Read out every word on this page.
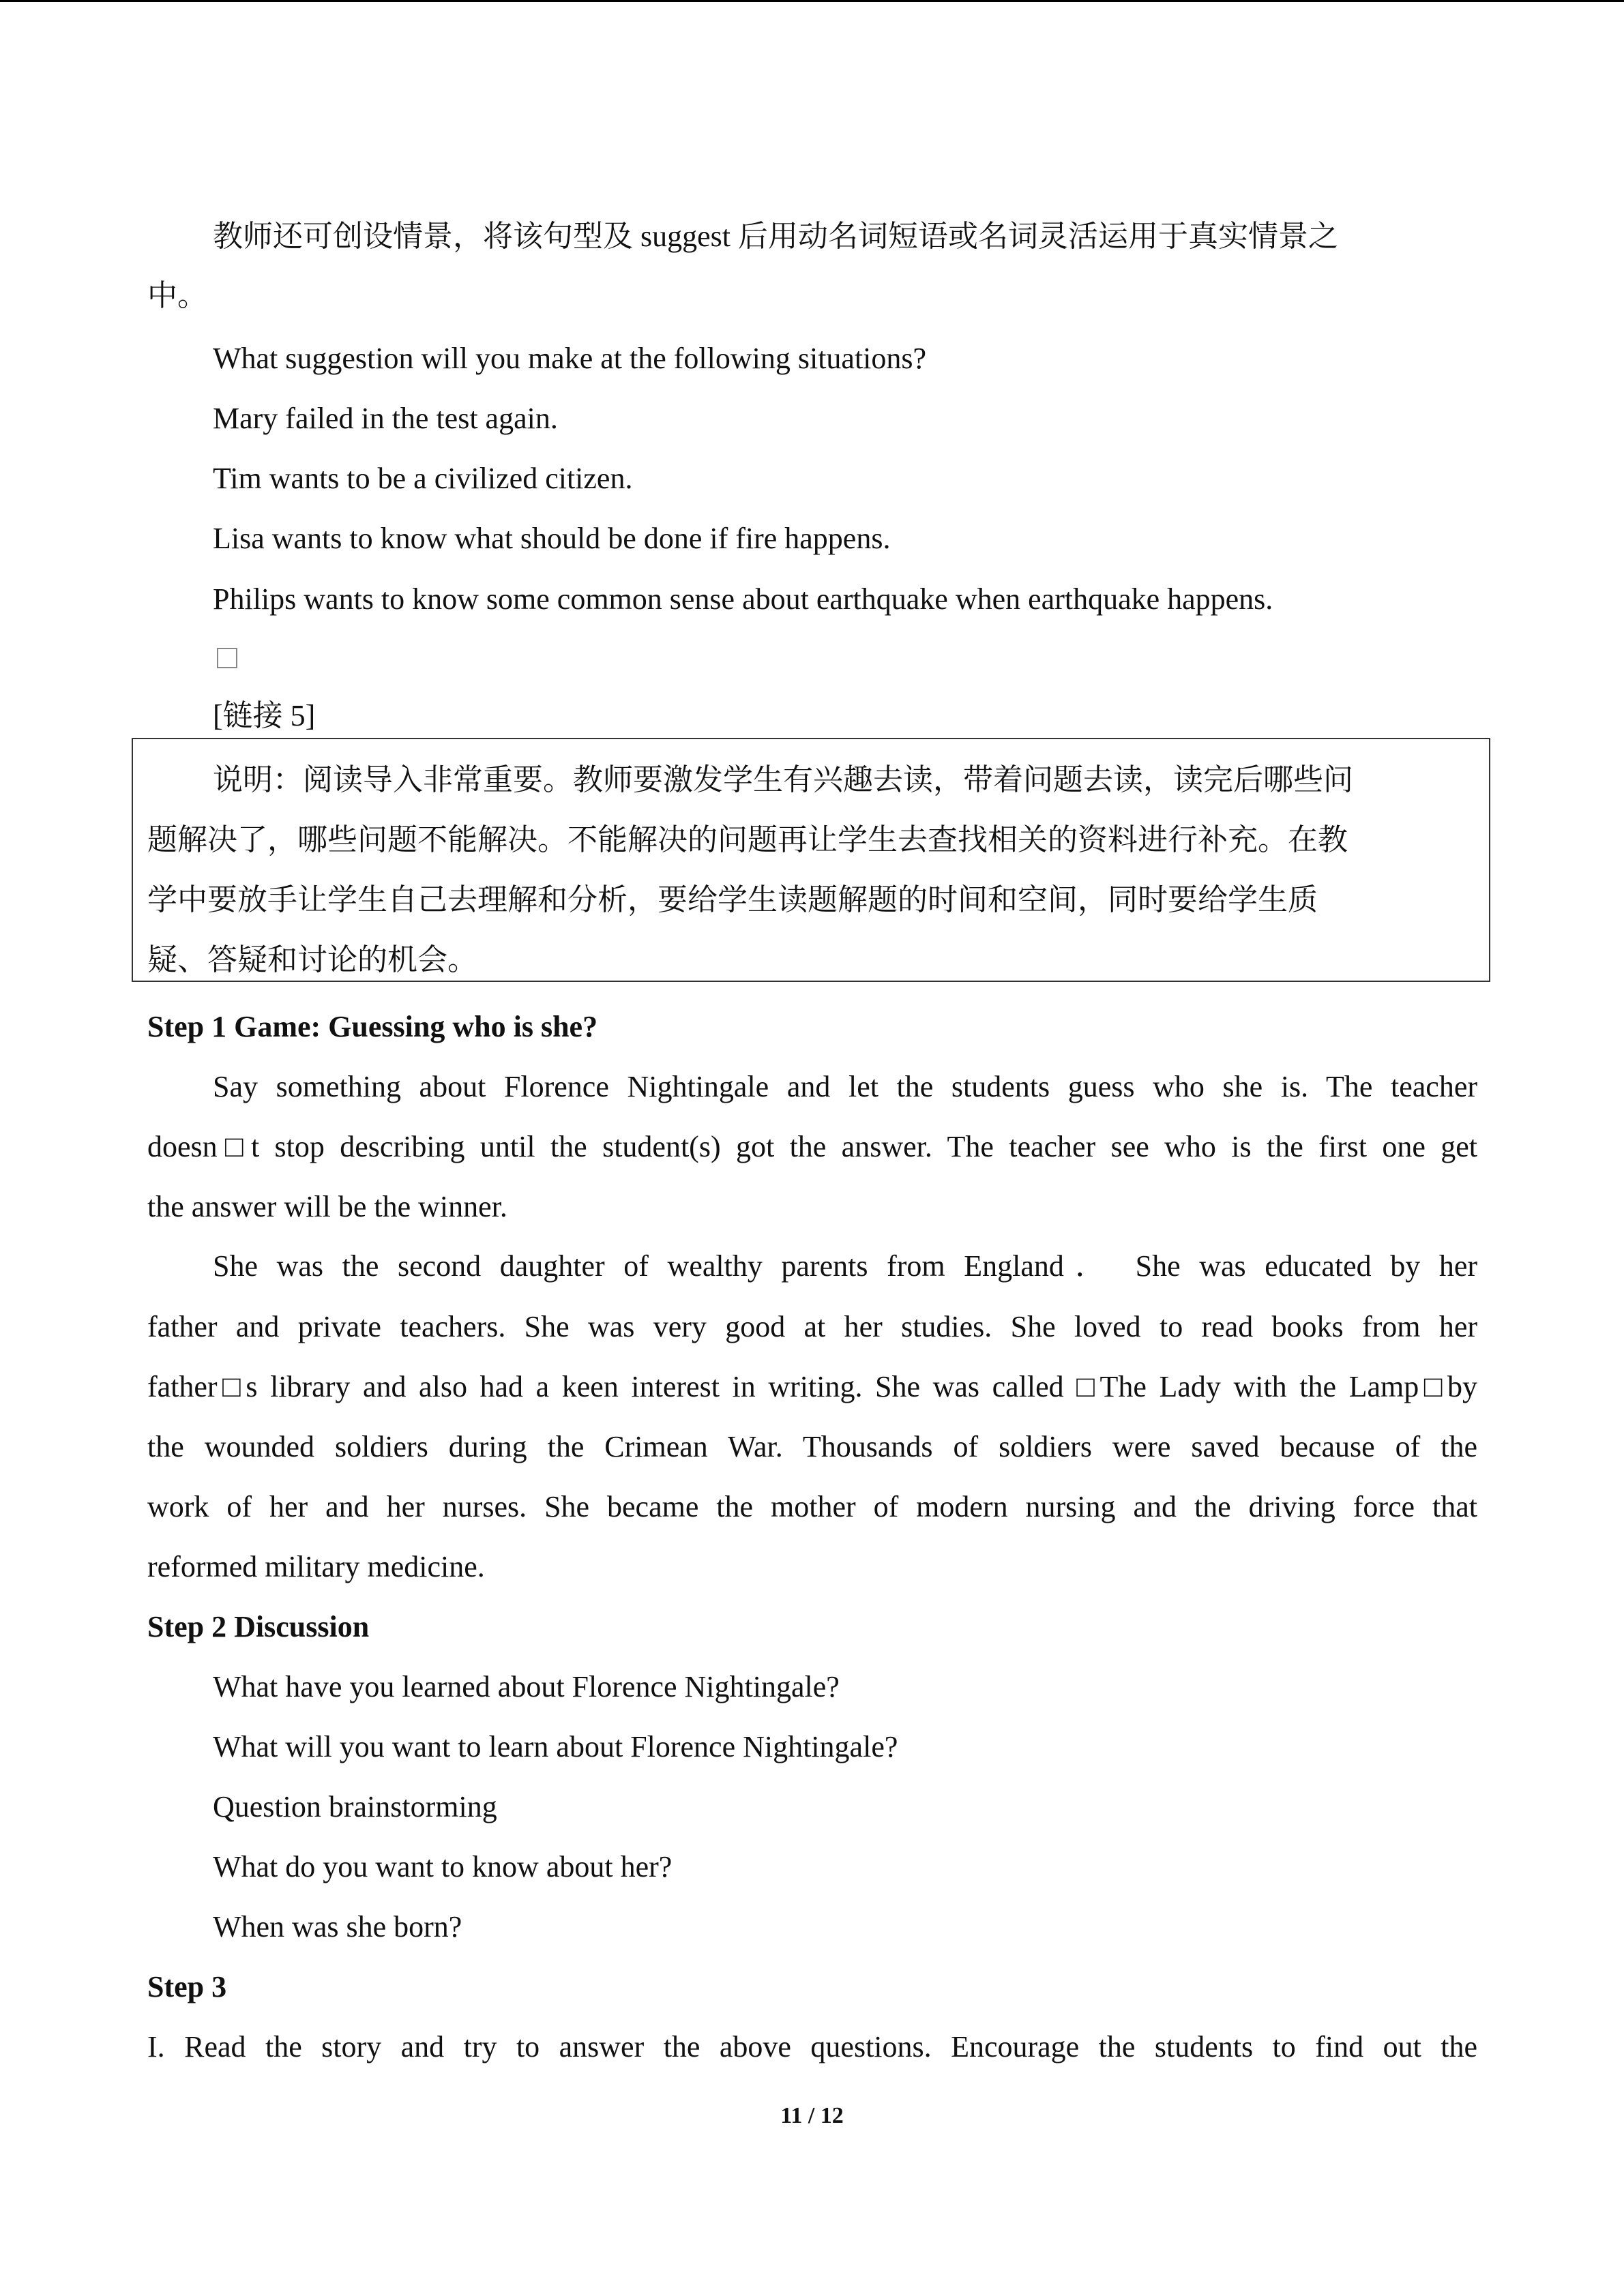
教师还可创设情景，将该句型及 suggest 后用动名词短语或名词灵活运用于真实情景之
中。
What suggestion will you make at the following situations?
Mary failed in the test again.
Tim wants to be a civilized citizen.
Lisa wants to know what should be done if fire happens.
Philips wants to know some common sense about earthquake when earthquake happens.
[链接 5]
说明：阅读导入非常重要。教师要激发学生有兴趣去读，带着问题去读，读完后哪些问
题解决了，哪些问题不能解决。不能解决的问题再让学生去查找相关的资料进行补充。在教
学中要放手让学生自己去理解和分析，要给学生读题解题的时间和空间，同时要给学生质
疑、答疑和讨论的机会。
Step 1 Game: Guessing who is she?
Say something about Florence Nightingale and let the students guess who she is. The teacher
doesn□t stop describing until the student(s) got the answer. The teacher see who is the first one get
the answer will be the winner.
She was the second daughter of wealthy parents from England． She was educated by her
father and private teachers. She was very good at her studies. She loved to read books from her
father□s library and also had a keen interest in writing. She was called □The Lady with the Lamp□by
the wounded soldiers during the Crimean War. Thousands of soldiers were saved because of the
work of her and her nurses. She became the mother of modern nursing and the driving force that
reformed military medicine.
Step 2 Discussion
What have you learned about Florence Nightingale?
What will you want to learn about Florence Nightingale?
Question brainstorming
What do you want to know about her?
When was she born?
Step 3
I. Read the story and try to answer the above questions. Encourage the students to find out the
11 / 12
